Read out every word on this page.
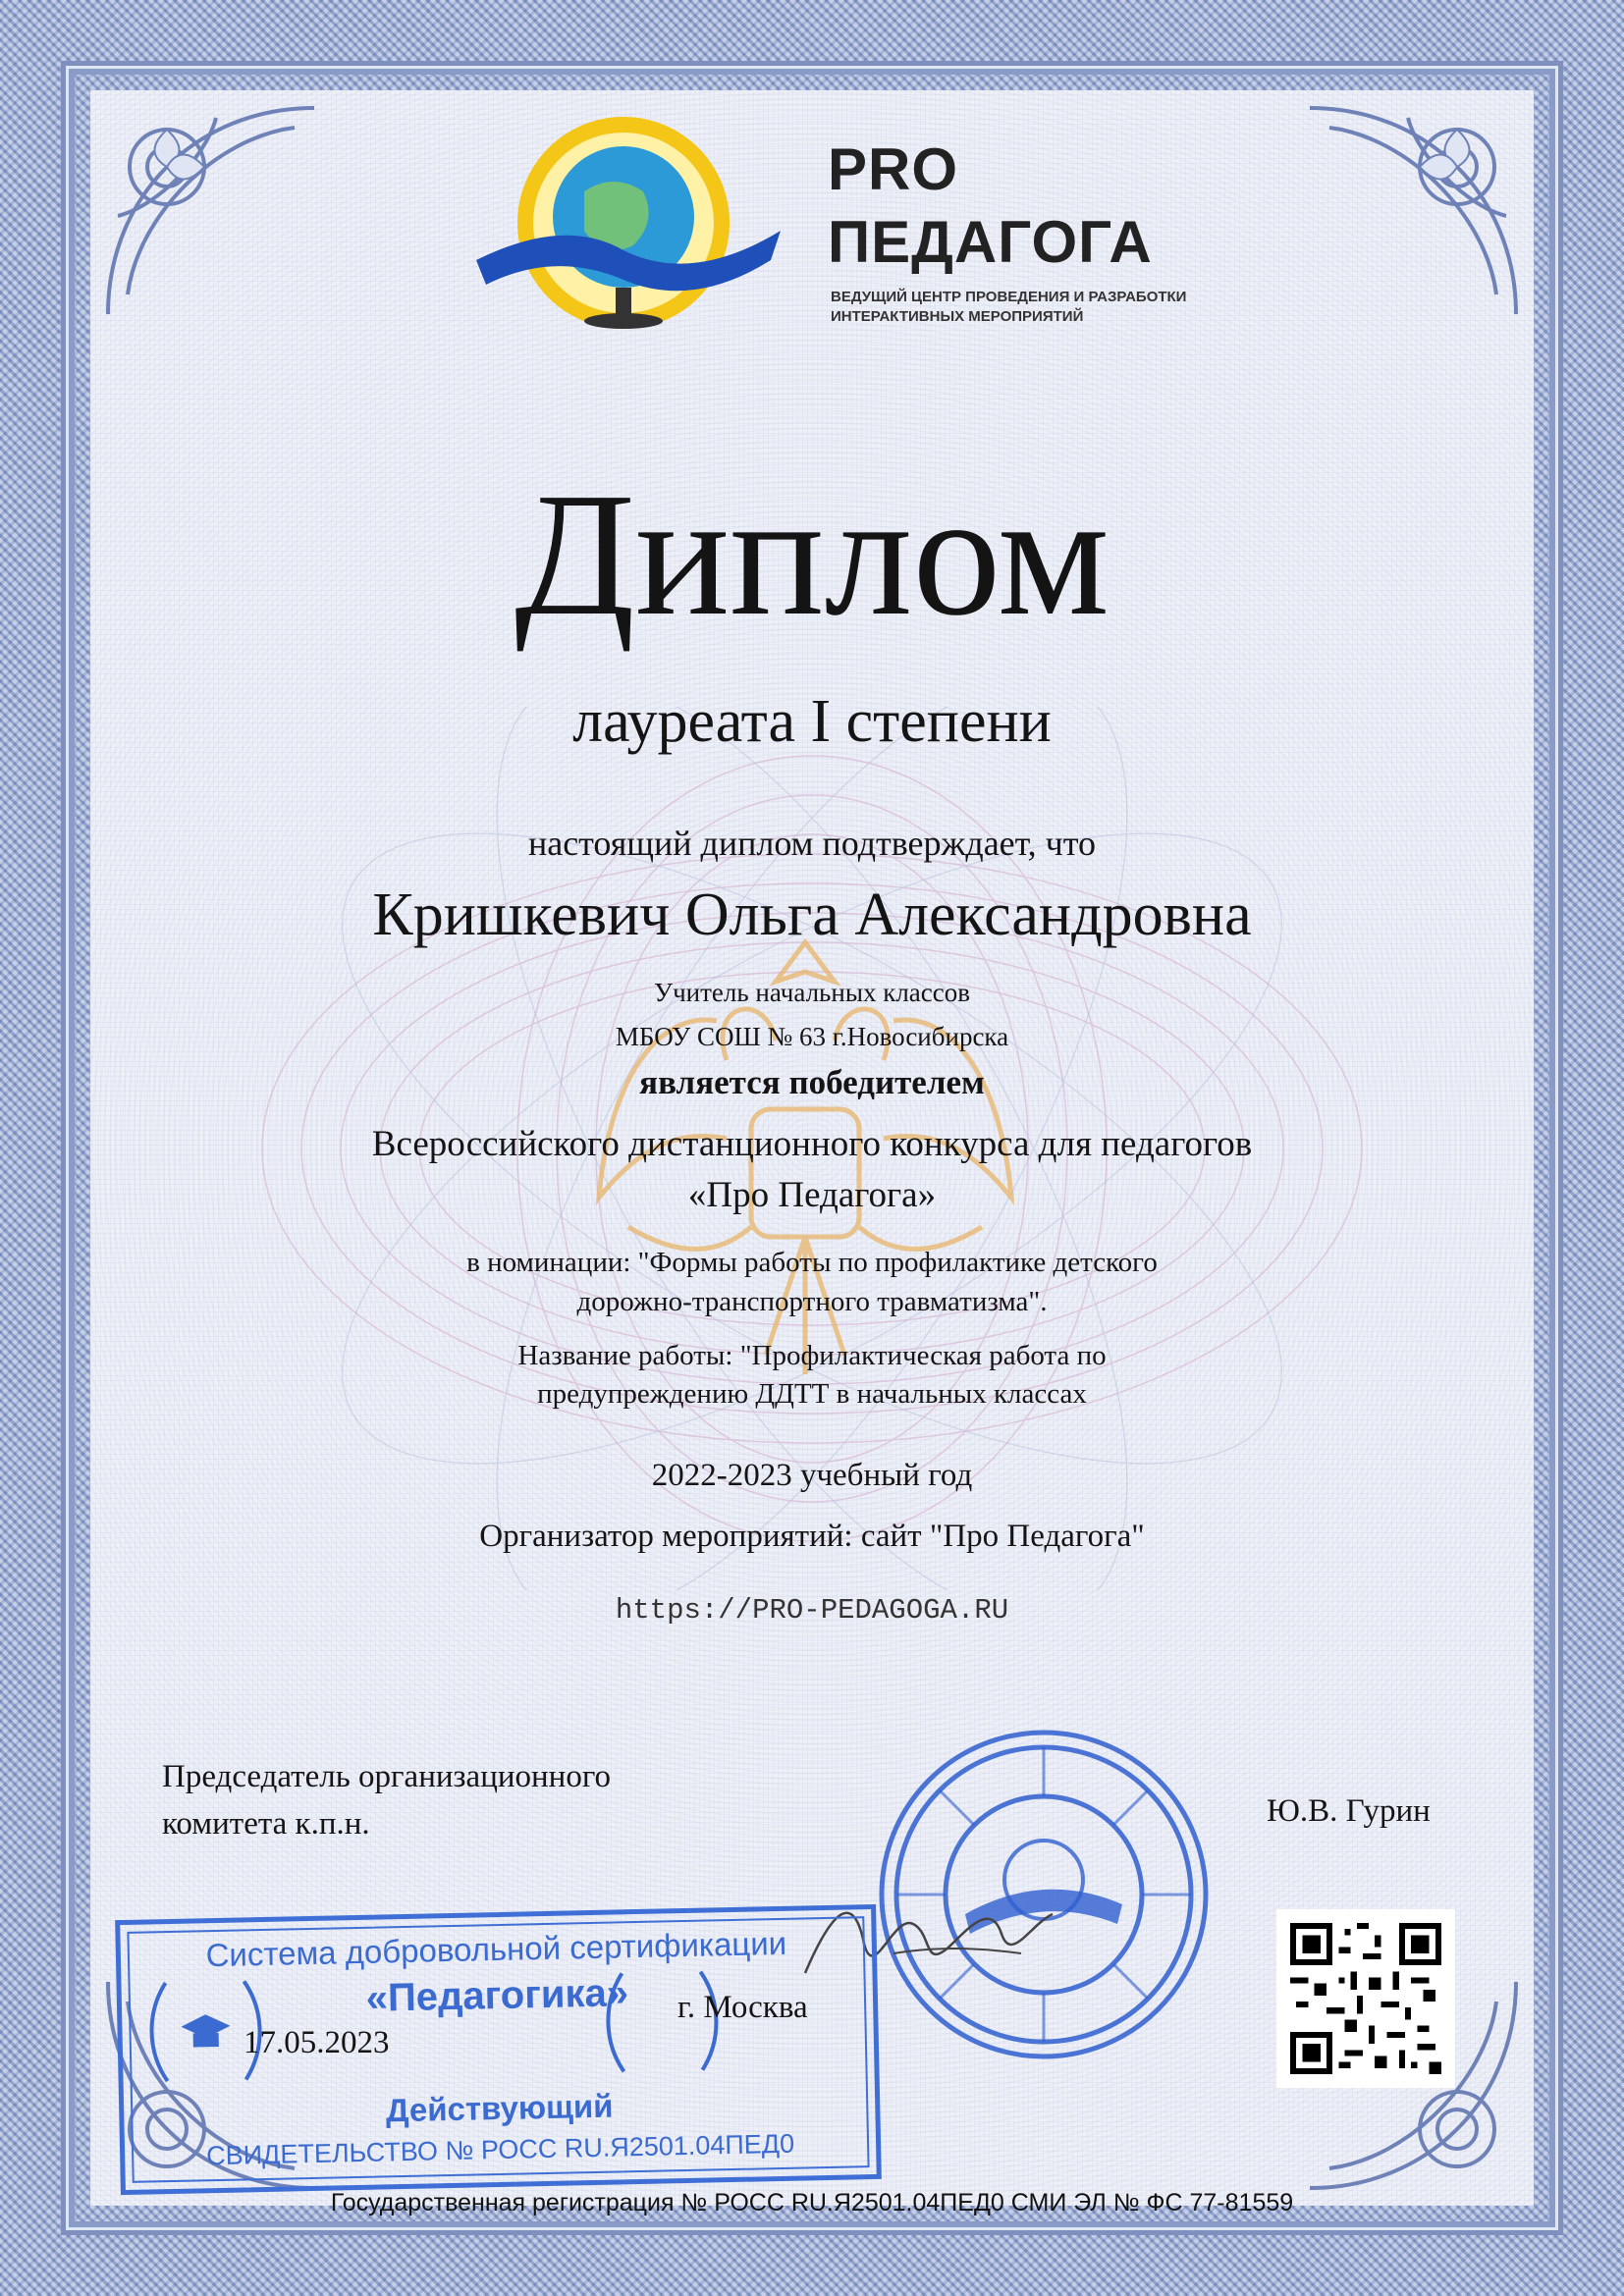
PRO
ПЕДАГОГА
ВЕДУЩИЙ ЦЕНТР ПРОВЕДЕНИЯ И РАЗРАБОТКИ
ИНТЕРАКТИВНЫХ МЕРОПРИЯТИЙ
Диплом
лауреата I степени
настоящий диплом подтверждает, что
Кришкевич Ольга Александровна
Учитель начальных классов
МБОУ СОШ № 63 г.Новосибирска
является победителем
Всероссийского дистанционного конкурса для педагогов
«Про Педагога»
в номинации: "Формы работы по профилактике детского
дорожно-транспортного травматизма".
Название работы: "Профилактическая работа по
предупреждению ДДТТ в начальных классах
2022-2023 учебный год
Организатор мероприятий: сайт "Про Педагога"
https://PRO-PEDAGOGA.RU
Председатель организационного
комитета к.п.н.	Ю.В. Гурин
Система добровольной сертификации
«Педагогика»
Действующий
СВИДЕТЕЛЬСТВО № РОСС RU.Я2501.04ПЕД0
17.05.2023
г. Москва
Государственная регистрация № РОСС RU.Я2501.04ПЕД0 СМИ ЭЛ № ФС 77-81559
